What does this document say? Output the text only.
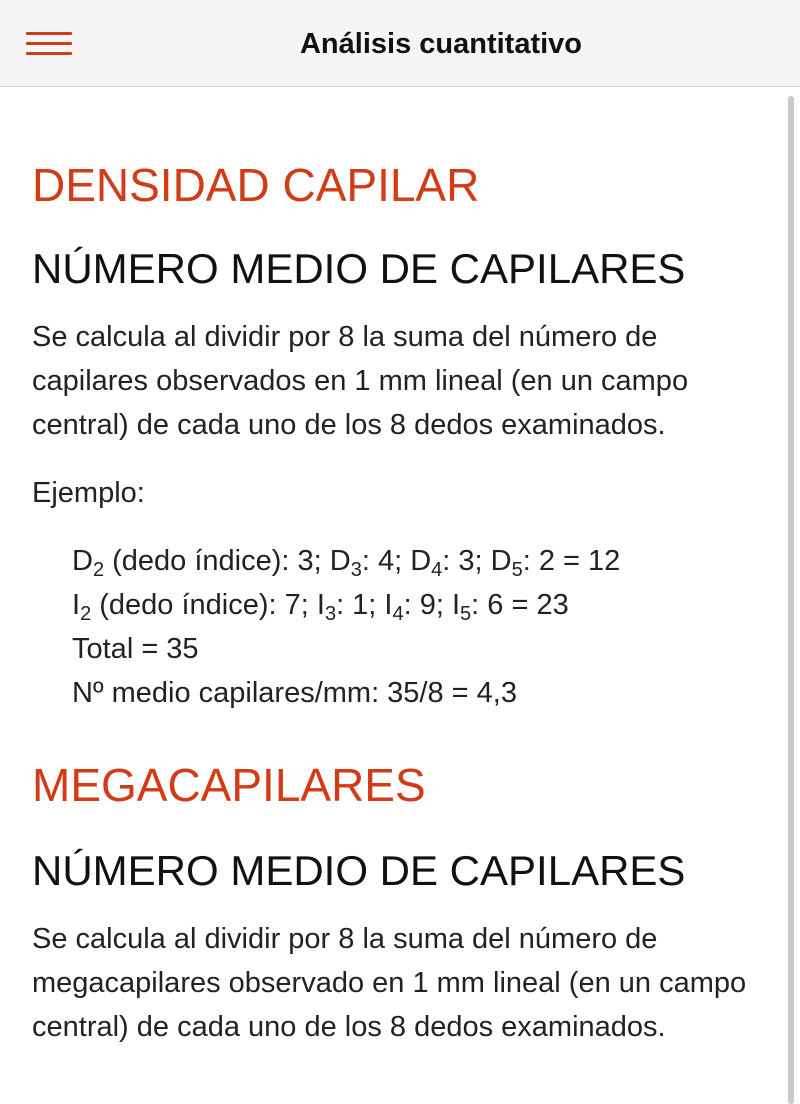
Análisis cuantitativo
DENSIDAD CAPILAR
NÚMERO MEDIO DE CAPILARES

Se calcula al dividir por 8 la suma del número de capilares observados en 1 mm lineal (en un campo central) de cada uno de los 8 dedos examinados.

Ejemplo:

$D_2$ (dedo índice): 3; $D_3$: 4; $D_4$: 3; $D_5$: 2 = 12
$I_2$ (dedo índice): 7; $I_3$: 1; $I_4$: 9; $I_5$: 6 = 23
Total = 35
Nº medio capilares/mm: 35/8 = 4,3
MEGACAPILARES
NÚMERO MEDIO DE CAPILARES

Se calcula al dividir por 8 la suma del número de megacapilares observado en 1 mm lineal (en un campo central) de cada uno de los 8 dedos examinados.
